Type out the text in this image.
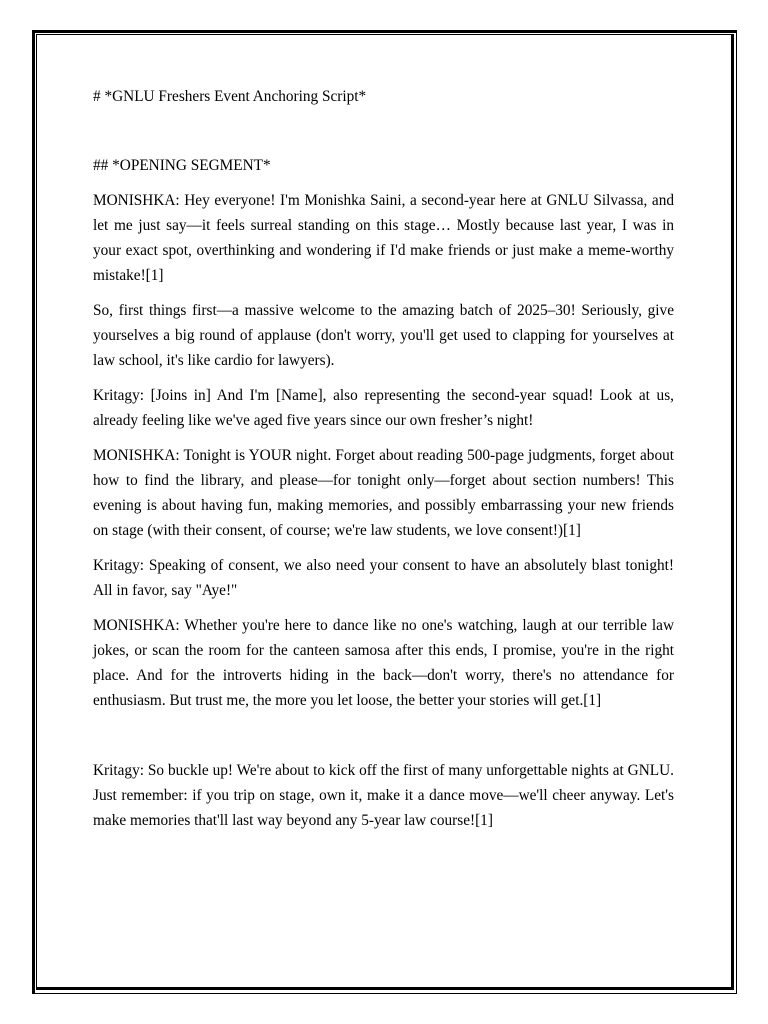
# *GNLU Freshers Event Anchoring Script*

## *OPENING SEGMENT*

MONISHKA: Hey everyone! I'm Monishka Saini, a second-year here at GNLU Silvassa, and let me just say—it feels surreal standing on this stage… Mostly because last year, I was in your exact spot, overthinking and wondering if I'd make friends or just make a meme-worthy mistake![1]

So, first things first—a massive welcome to the amazing batch of 2025–30! Seriously, give yourselves a big round of applause (don't worry, you'll get used to clapping for yourselves at law school, it's like cardio for lawyers).

Kritagy: [Joins in] And I'm [Name], also representing the second-year squad! Look at us, already feeling like we've aged five years since our own fresher’s night!

MONISHKA: Tonight is YOUR night. Forget about reading 500-page judgments, forget about how to find the library, and please—for tonight only—forget about section numbers! This evening is about having fun, making memories, and possibly embarrassing your new friends on stage (with their consent, of course; we're law students, we love consent!)[1]

Kritagy: Speaking of consent, we also need your consent to have an absolutely blast tonight! All in favor, say "Aye!"

MONISHKA: Whether you're here to dance like no one's watching, laugh at our terrible law jokes, or scan the room for the canteen samosa after this ends, I promise, you're in the right place. And for the introverts hiding in the back—don't worry, there's no attendance for enthusiasm. But trust me, the more you let loose, the better your stories will get.[1]

Kritagy: So buckle up! We're about to kick off the first of many unforgettable nights at GNLU. Just remember: if you trip on stage, own it, make it a dance move—we'll cheer anyway. Let's make memories that'll last way beyond any 5-year law course![1]
